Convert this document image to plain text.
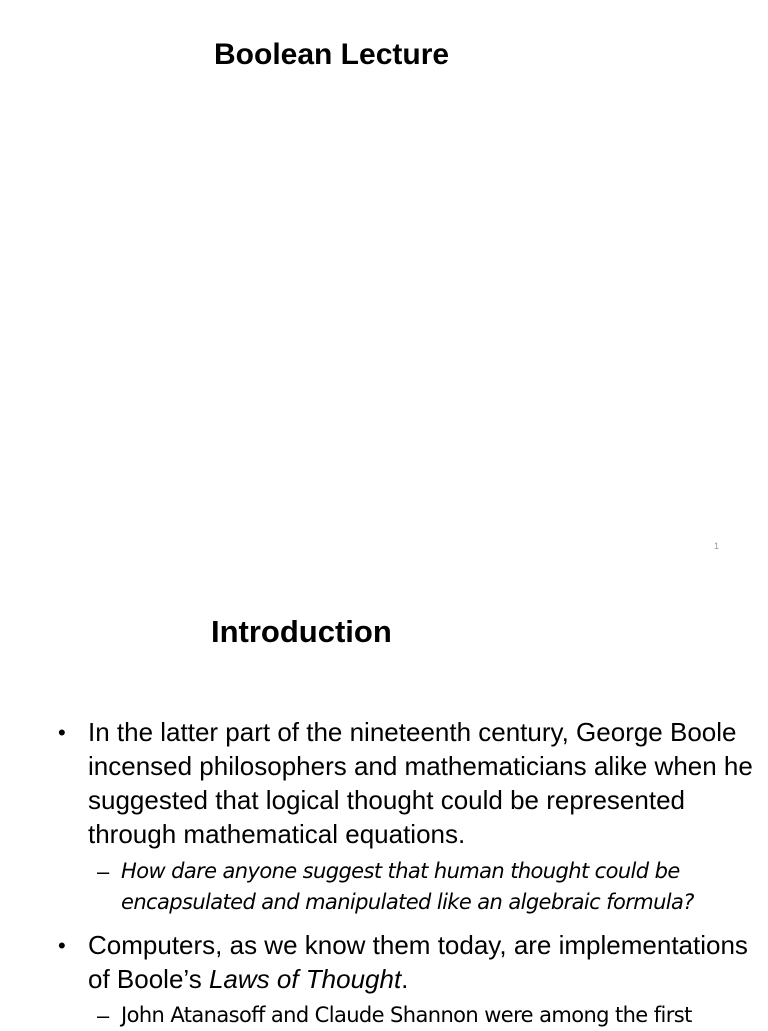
Boolean Lecture
1
Introduction
• In the latter part of the nineteenth century, George Boole incensed philosophers and mathematicians alike when he suggested that logical thought could be represented through mathematical equations.
– How dare anyone suggest that human thought could be encapsulated and manipulated like an algebraic formula?
• Computers, as we know them today, are implementations of Boole’s Laws of Thought.
– John Atanasoff and Claude Shannon were among the first
